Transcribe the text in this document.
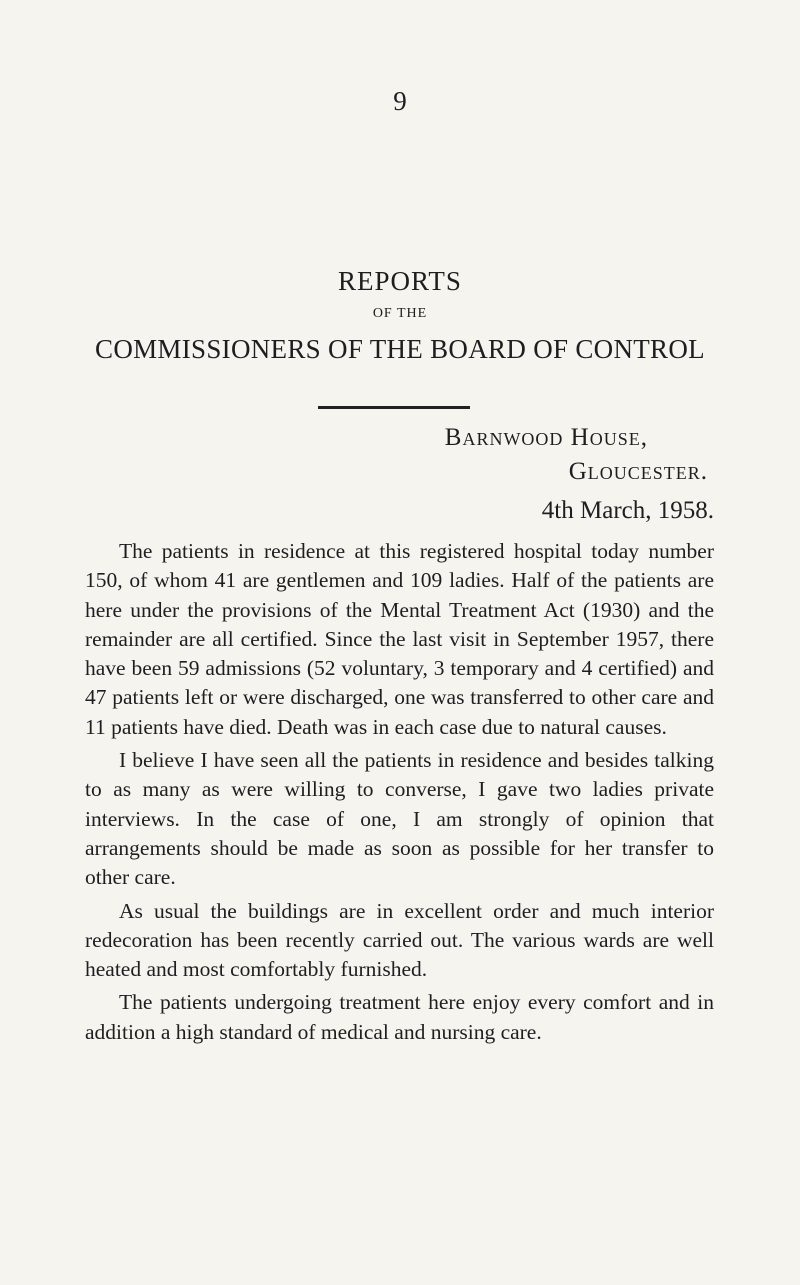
9
REPORTS
OF THE
COMMISSIONERS OF THE BOARD OF CONTROL
Barnwood House,
Gloucester.
4th March, 1958.

The patients in residence at this registered hospital today number 150, of whom 41 are gentlemen and 109 ladies. Half of the patients are here under the provisions of the Mental Treatment Act (1930) and the remainder are all certified. Since the last visit in September 1957, there have been 59 admissions (52 voluntary, 3 temporary and 4 certified) and 47 patients left or were discharged, one was transferred to other care and 11 patients have died. Death was in each case due to natural causes.

I believe I have seen all the patients in residence and besides talking to as many as were willing to converse, I gave two ladies private interviews. In the case of one, I am strongly of opinion that arrangements should be made as soon as possible for her transfer to other care.

As usual the buildings are in excellent order and much interior redecoration has been recently carried out. The various wards are well heated and most comfortably furnished.

The patients undergoing treatment here enjoy every comfort and in addition a high standard of medical and nursing care.
